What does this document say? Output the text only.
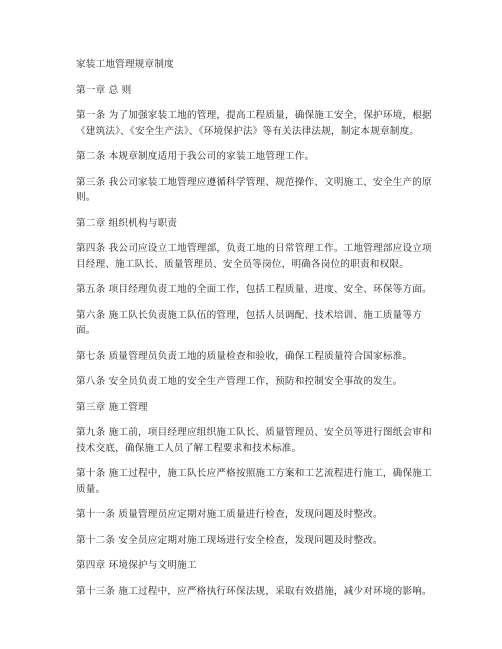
家装工地管理规章制度

第一章 总 则

第一条 为了加强家装工地的管理，提高工程质量，确保施工安全，保护环境，根据《建筑法》、《安全生产法》、《环境保护法》等有关法律法规，制定本规章制度。

第二条 本规章制度适用于我公司的家装工地管理工作。

第三条 我公司家装工地管理应遵循科学管理、规范操作、文明施工、安全生产的原则。

第二章 组织机构与职责

第四条 我公司应设立工地管理部，负责工地的日常管理工作。工地管理部应设立项目经理、施工队长、质量管理员、安全员等岗位，明确各岗位的职责和权限。

第五条 项目经理负责工地的全面工作，包括工程质量、进度、安全、环保等方面。

第六条 施工队长负责施工队伍的管理，包括人员调配、技术培训、施工质量等方面。

第七条 质量管理员负责工地的质量检查和验收，确保工程质量符合国家标准。

第八条 安全员负责工地的安全生产管理工作，预防和控制安全事故的发生。

第三章 施工管理

第九条 施工前，项目经理应组织施工队长、质量管理员、安全员等进行图纸会审和技术交底，确保施工人员了解工程要求和技术标准。

第十条 施工过程中，施工队长应严格按照施工方案和工艺流程进行施工，确保施工质量。

第十一条 质量管理员应定期对施工质量进行检查，发现问题及时整改。

第十二条 安全员应定期对施工现场进行安全检查，发现问题及时整改。

第四章 环境保护与文明施工

第十三条 施工过程中，应严格执行环保法规，采取有效措施，减少对环境的影响。
